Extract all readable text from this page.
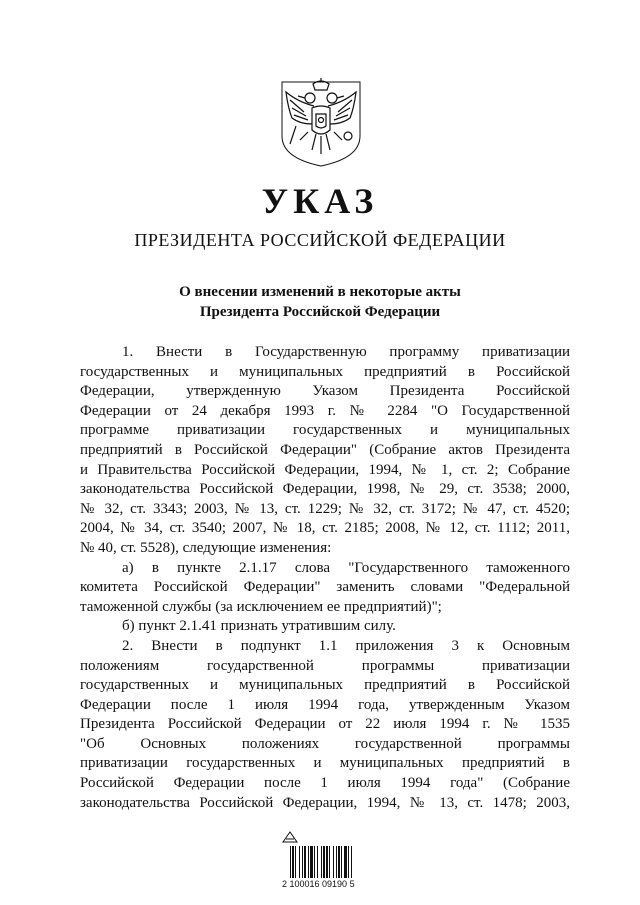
УКАЗ
ПРЕЗИДЕНТА РОССИЙСКОЙ ФЕДЕРАЦИИ
О внесении изменений в некоторые акты
Президента Российской Федерации
1. Внести в Государственную программу приватизации
государственных и муниципальных предприятий в Российской
Федерации, утвержденную Указом Президента Российской
Федерации от 24 декабря 1993 г. № 2284 "О Государственной
программе приватизации государственных и муниципальных
предприятий в Российской Федерации" (Собрание актов Президента
и Правительства Российской Федерации, 1994, № 1, ст. 2; Собрание
законодательства Российской Федерации, 1998, № 29, ст. 3538; 2000,
№ 32, ст. 3343; 2003, № 13, ст. 1229; № 32, ст. 3172; № 47, ст. 4520;
2004, № 34, ст. 3540; 2007, № 18, ст. 2185; 2008, № 12, ст. 1112; 2011,
№ 40, ст. 5528), следующие изменения:
а) в пункте 2.1.17 слова "Государственного таможенного
комитета Российской Федерации" заменить словами "Федеральной
таможенной службы (за исключением ее предприятий)";
б) пункт 2.1.41 признать утратившим силу.
2. Внести в подпункт 1.1 приложения 3 к Основным
положениям государственной программы приватизации
государственных и муниципальных предприятий в Российской
Федерации после 1 июля 1994 года, утвержденным Указом
Президента Российской Федерации от 22 июля 1994 г. № 1535
"Об Основных положениях государственной программы
приватизации государственных и муниципальных предприятий в
Российской Федерации после 1 июля 1994 года" (Собрание
законодательства Российской Федерации, 1994, № 13, ст. 1478; 2003,
2 100016 09190 5
